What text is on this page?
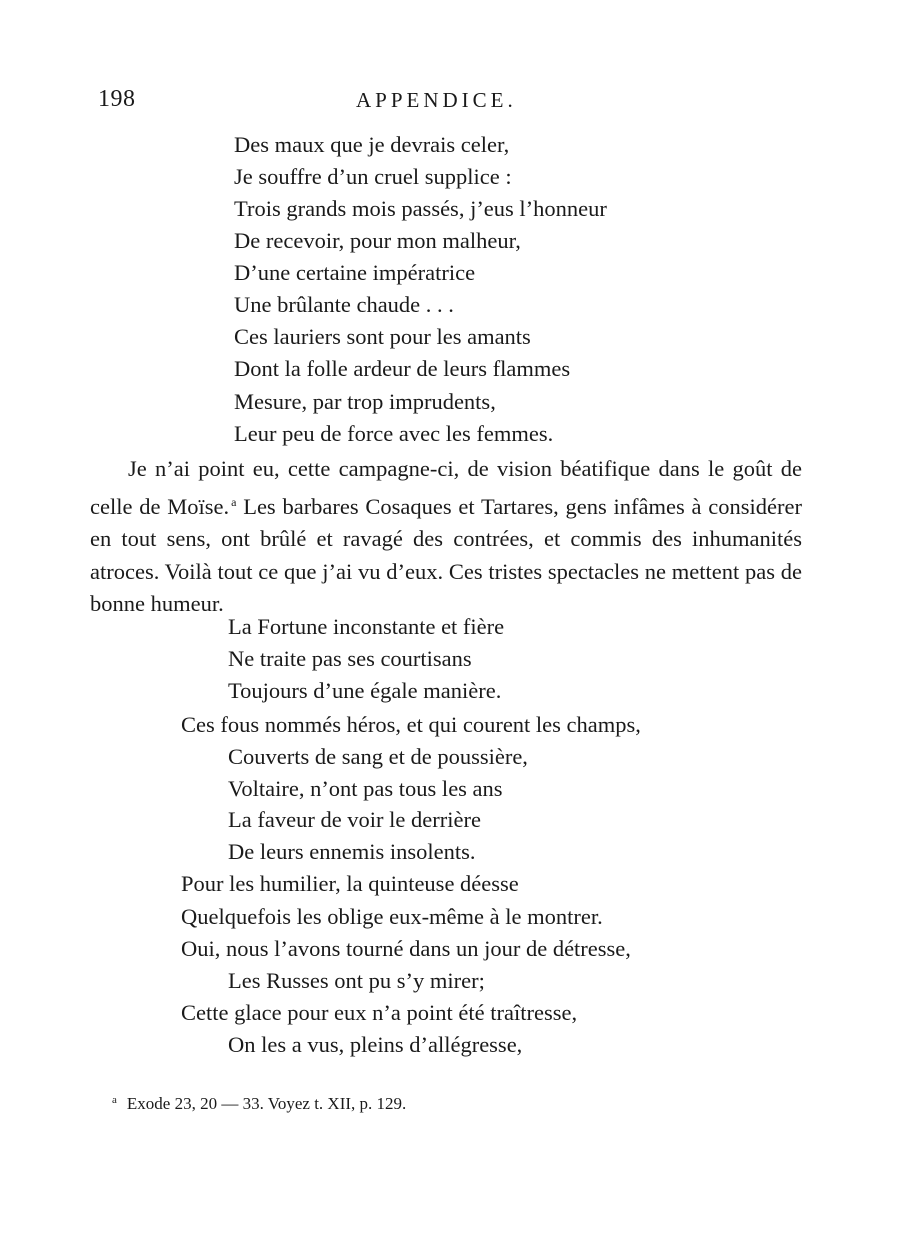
198	APPENDICE.
Des maux que je devrais celer,
Je souffre d’un cruel supplice :
Trois grands mois passés, j’eus l’honneur
De recevoir, pour mon malheur,
D’une certaine impératrice
Une brûlante chaude . . .
Ces lauriers sont pour les amants
Dont la folle ardeur de leurs flammes
Mesure, par trop imprudents,
Leur peu de force avec les femmes.
Je n’ai point eu, cette campagne-ci, de vision béatifique dans le goût de celle de Moïse. $^a$ Les barbares Cosaques et Tartares, gens infâmes à considérer en tout sens, ont brûlé et ravagé des contrées, et commis des inhumanités atroces. Voilà tout ce que j’ai vu d’eux. Ces tristes spectacles ne mettent pas de bonne humeur.
La Fortune inconstante et fière
Ne traite pas ses courtisans
Toujours d’une égale manière.
Ces fous nommés héros, et qui courent les champs,
Couverts de sang et de poussière,
Voltaire, n’ont pas tous les ans
La faveur de voir le derrière
De leurs ennemis insolents.
Pour les humilier, la quinteuse déesse
Quelquefois les oblige eux-même à le montrer.
Oui, nous l’avons tourné dans un jour de détresse,
Les Russes ont pu s’y mirer;
Cette glace pour eux n’a point été traîtresse,
On les a vus, pleins d’allégresse,
$^a$ Exode 23, 20 — 33. Voyez t. XII, p. 129.
